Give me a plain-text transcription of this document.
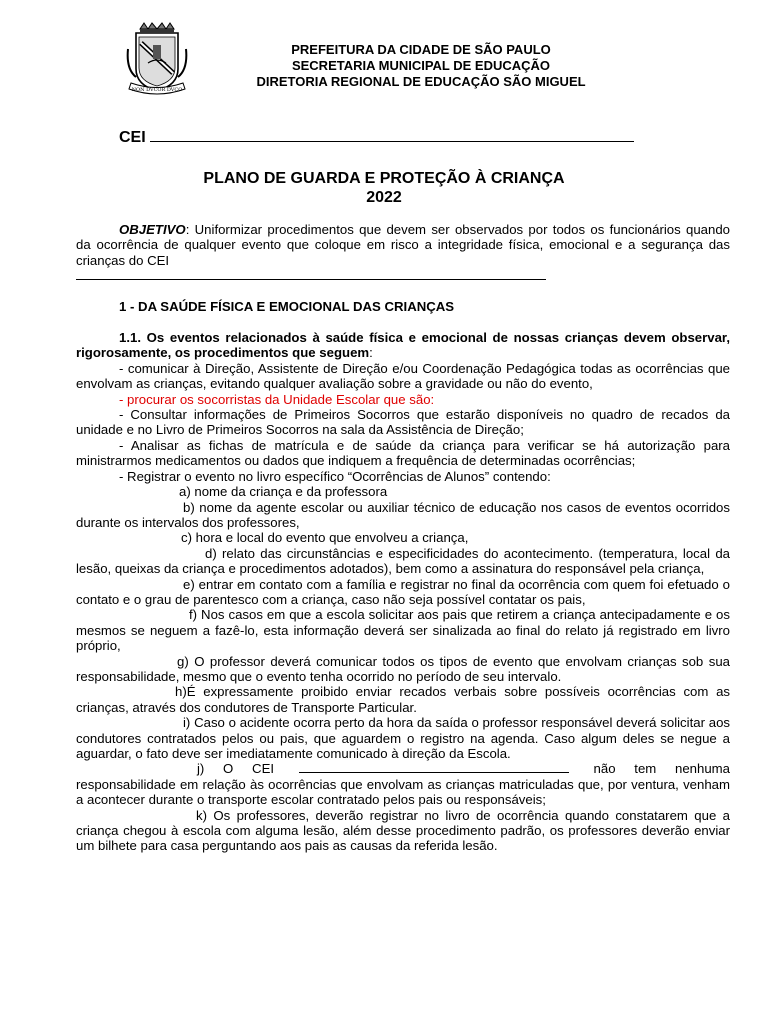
NON DVCOR DVCO
PREFEITURA DA CIDADE DE SÃO PAULO
SECRETARIA MUNICIPAL DE EDUCAÇÃO
DIRETORIA REGIONAL DE EDUCAÇÃO SÃO MIGUEL
CEI
PLANO DE GUARDA E PROTEÇÃO À CRIANÇA
2022

OBJETIVO: Uniformizar procedimentos que devem ser observados por todos os funcionários quando da ocorrência de qualquer evento que coloque em risco a integridade física, emocional e a segurança das crianças do CEI

1 - DA SAÚDE FÍSICA E EMOCIONAL DAS CRIANÇAS

1.1. Os eventos relacionados à saúde física e emocional de nossas crianças devem observar, rigorosamente, os procedimentos que seguem:

- comunicar à Direção, Assistente de Direção e/ou Coordenação Pedagógica todas as ocorrências que envolvam as crianças, evitando qualquer avaliação sobre a gravidade ou não do evento,

- procurar os socorristas da Unidade Escolar que são:

- Consultar informações de Primeiros Socorros que estarão disponíveis no quadro de recados da unidade e no Livro de Primeiros Socorros na sala da Assistência de Direção;

- Analisar as fichas de matrícula e de saúde da criança para verificar se há autorização para ministrarmos medicamentos ou dados que indiquem a frequência de determinadas ocorrências;

- Registrar o evento no livro específico “Ocorrências de Alunos” contendo:

a) nome da criança e da professora

b) nome da agente escolar ou auxiliar técnico de educação nos casos de eventos ocorridos durante os intervalos dos professores,

c) hora e local do evento que envolveu a criança,

d) relato das circunstâncias e especificidades do acontecimento. (temperatura, local da lesão, queixas da criança e procedimentos adotados), bem como a assinatura do responsável pela criança,

e) entrar em contato com a família e registrar no final da ocorrência com quem foi efetuado o contato e o grau de parentesco com a criança, caso não seja possível contatar os pais,

f) Nos casos em que a escola solicitar aos pais que retirem a criança antecipadamente e os mesmos se neguem a fazê-lo, esta informação deverá ser sinalizada ao final do relato já registrado em livro próprio,

g) O professor deverá comunicar todos os tipos de evento que envolvam crianças sob sua responsabilidade, mesmo que o evento tenha ocorrido no período de seu intervalo.

h)É expressamente proibido enviar recados verbais sobre possíveis ocorrências com as crianças, através dos condutores de Transporte Particular.

i) Caso o acidente ocorra perto da hora da saída o professor responsável deverá solicitar aos condutores contratados pelos ou pais, que aguardem o registro na agenda. Caso algum deles se negue a aguardar, o fato deve ser imediatamente comunicado à direção da Escola.

j) O CEI	não tem nenhuma responsabilidade em relação às ocorrências que envolvam as crianças matriculadas que, por ventura, venham a acontecer durante o transporte escolar contratado pelos pais ou responsáveis;

k) Os professores, deverão registrar no livro de ocorrência quando constatarem que a criança chegou à escola com alguma lesão, além desse procedimento padrão, os professores deverão enviar um bilhete para casa perguntando aos pais as causas da referida lesão.
